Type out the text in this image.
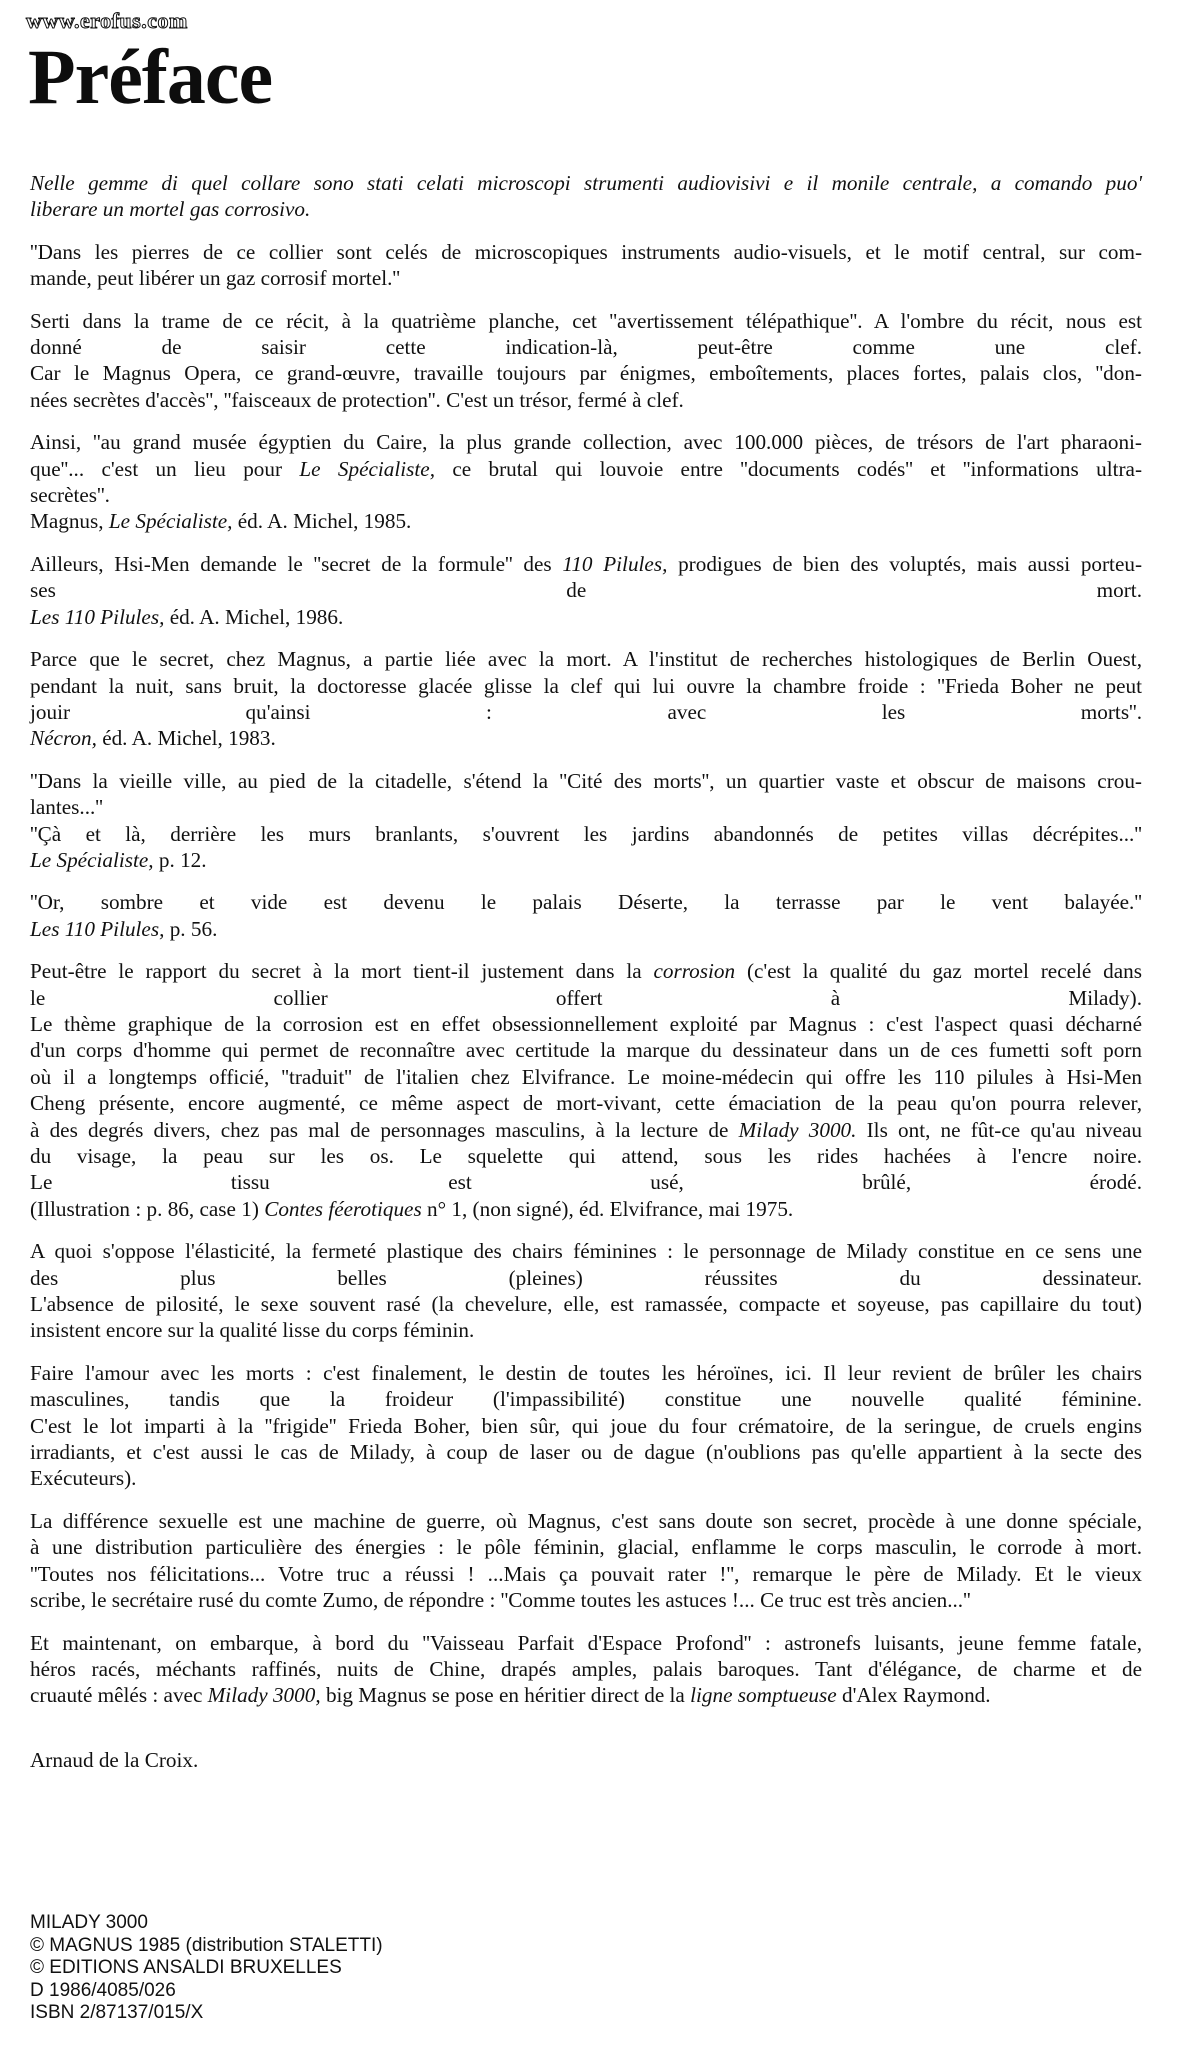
www.erofus.com
Préface

Nelle gemme di quel collare sono stati celati microscopi strumenti audiovisivi e il monile centrale, a comando puo'
liberare un mortel gas corrosivo.

''Dans les pierres de ce collier sont celés de microscopiques instruments audio-visuels, et le motif central, sur com-
mande, peut libérer un gaz corrosif mortel.''

Serti dans la trame de ce récit, à la quatrième planche, cet ''avertissement télépathique''. A l'ombre du récit, nous est
donné de saisir cette indication-là, peut-être comme une clef.
Car le Magnus Opera, ce grand-œuvre, travaille toujours par énigmes, emboîtements, places fortes, palais clos, ''don-
nées secrètes d'accès'', ''faisceaux de protection''. C'est un trésor, fermé à clef.

Ainsi, ''au grand musée égyptien du Caire, la plus grande collection, avec 100.000 pièces, de trésors de l'art pharaoni-
que''... c'est un lieu pour Le Spécialiste, ce brutal qui louvoie entre ''documents codés'' et ''informations ultra-
secrètes''.
Magnus, Le Spécialiste, éd. A. Michel, 1985.

Ailleurs, Hsi-Men demande le ''secret de la formule'' des 110 Pilules, prodigues de bien des voluptés, mais aussi porteu-
ses de mort.
Les 110 Pilules, éd. A. Michel, 1986.

Parce que le secret, chez Magnus, a partie liée avec la mort. A l'institut de recherches histologiques de Berlin Ouest,
pendant la nuit, sans bruit, la doctoresse glacée glisse la clef qui lui ouvre la chambre froide : ''Frieda Boher ne peut
jouir qu'ainsi : avec les morts''.
Nécron, éd. A. Michel, 1983.

''Dans la vieille ville, au pied de la citadelle, s'étend la ''Cité des morts'', un quartier vaste et obscur de maisons crou-
lantes...''
''Çà et là, derrière les murs branlants, s'ouvrent les jardins abandonnés de petites villas décrépites...''
Le Spécialiste, p. 12.

''Or, sombre et vide est devenu le palais Déserte, la terrasse par le vent balayée.''
Les 110 Pilules, p. 56.

Peut-être le rapport du secret à la mort tient-il justement dans la corrosion (c'est la qualité du gaz mortel recelé dans
le collier offert à Milady).
Le thème graphique de la corrosion est en effet obsessionnellement exploité par Magnus : c'est l'aspect quasi décharné
d'un corps d'homme qui permet de reconnaître avec certitude la marque du dessinateur dans un de ces fumetti soft porn
où il a longtemps officié, ''traduit'' de l'italien chez Elvifrance. Le moine-médecin qui offre les 110 pilules à Hsi-Men
Cheng présente, encore augmenté, ce même aspect de mort-vivant, cette émaciation de la peau qu'on pourra relever,
à des degrés divers, chez pas mal de personnages masculins, à la lecture de Milady 3000. Ils ont, ne fût-ce qu'au niveau
du visage, la peau sur les os. Le squelette qui attend, sous les rides hachées à l'encre noire.
Le tissu est usé, brûlé, érodé.
(Illustration : p. 86, case 1) Contes féerotiques n° 1, (non signé), éd. Elvifrance, mai 1975.

A quoi s'oppose l'élasticité, la fermeté plastique des chairs féminines : le personnage de Milady constitue en ce sens une
des plus belles (pleines) réussites du dessinateur.
L'absence de pilosité, le sexe souvent rasé (la chevelure, elle, est ramassée, compacte et soyeuse, pas capillaire du tout)
insistent encore sur la qualité lisse du corps féminin.

Faire l'amour avec les morts : c'est finalement, le destin de toutes les héroïnes, ici. Il leur revient de brûler les chairs
masculines, tandis que la froideur (l'impassibilité) constitue une nouvelle qualité féminine.
C'est le lot imparti à la ''frigide'' Frieda Boher, bien sûr, qui joue du four crématoire, de la seringue, de cruels engins
irradiants, et c'est aussi le cas de Milady, à coup de laser ou de dague (n'oublions pas qu'elle appartient à la secte des
Exécuteurs).

La différence sexuelle est une machine de guerre, où Magnus, c'est sans doute son secret, procède à une donne spéciale,
à une distribution particulière des énergies : le pôle féminin, glacial, enflamme le corps masculin, le corrode à mort.
''Toutes nos félicitations... Votre truc a réussi ! ...Mais ça pouvait rater !'', remarque le père de Milady. Et le vieux
scribe, le secrétaire rusé du comte Zumo, de répondre : ''Comme toutes les astuces !... Ce truc est très ancien...''

Et maintenant, on embarque, à bord du ''Vaisseau Parfait d'Espace Profond'' : astronefs luisants, jeune femme fatale,
héros racés, méchants raffinés, nuits de Chine, drapés amples, palais baroques. Tant d'élégance, de charme et de
cruauté mêlés : avec Milady 3000, big Magnus se pose en héritier direct de la ligne somptueuse d'Alex Raymond.

Arnaud de la Croix.

MILADY 3000
© MAGNUS 1985 (distribution STALETTI)
© EDITIONS ANSALDI BRUXELLES
D 1986/4085/026
ISBN 2/87137/015/X
